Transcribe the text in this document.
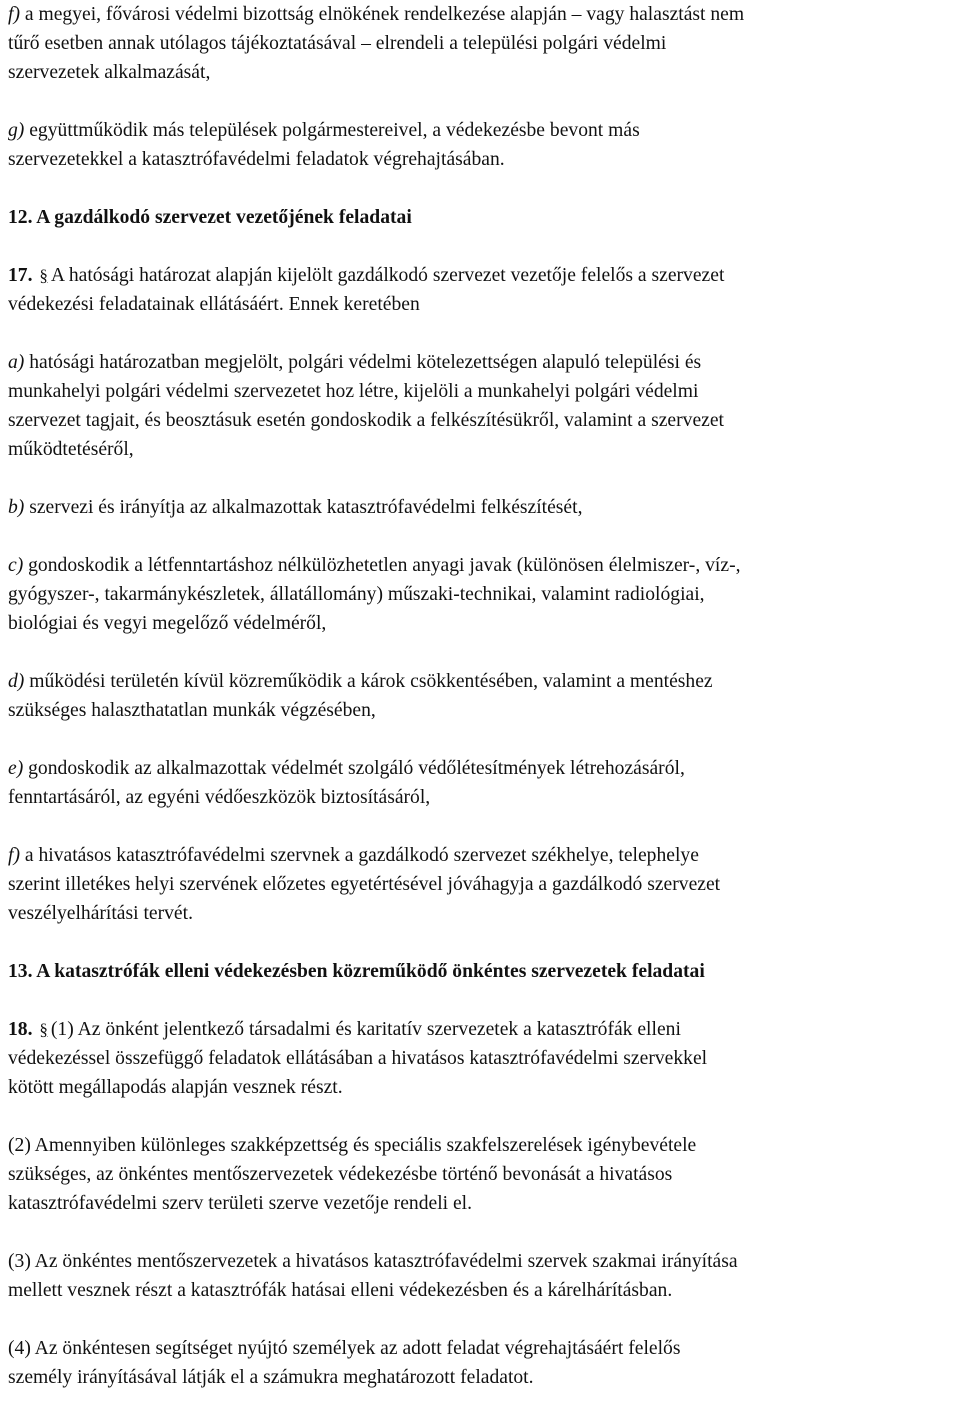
f) a megyei, fővárosi védelmi bizottság elnökének rendelkezése alapján – vagy halasztást nem
tűrő esetben annak utólagos tájékoztatásával – elrendeli a települési polgári védelmi
szervezetek alkalmazását,

g) együttműködik más települések polgármestereivel, a védekezésbe bevont más
szervezetekkel a katasztrófavédelmi feladatok végrehajtásában.

12. A gazdálkodó szervezet vezetőjének feladatai

17. § A hatósági határozat alapján kijelölt gazdálkodó szervezet vezetője felelős a szervezet
védekezési feladatainak ellátásáért. Ennek keretében

a) hatósági határozatban megjelölt, polgári védelmi kötelezettségen alapuló települési és
munkahelyi polgári védelmi szervezetet hoz létre, kijelöli a munkahelyi polgári védelmi
szervezet tagjait, és beosztásuk esetén gondoskodik a felkészítésükről, valamint a szervezet
működtetéséről,

b) szervezi és irányítja az alkalmazottak katasztrófavédelmi felkészítését,

c) gondoskodik a létfenntartáshoz nélkülözhetetlen anyagi javak (különösen élelmiszer-, víz-,
gyógyszer-, takarmánykészletek, állatállomány) műszaki-technikai, valamint radiológiai,
biológiai és vegyi megelőző védelméről,

d) működési területén kívül közreműködik a károk csökkentésében, valamint a mentéshez
szükséges halaszthatatlan munkák végzésében,

e) gondoskodik az alkalmazottak védelmét szolgáló védőlétesítmények létrehozásáról,
fenntartásáról, az egyéni védőeszközök biztosításáról,

f) a hivatásos katasztrófavédelmi szervnek a gazdálkodó szervezet székhelye, telephelye
szerint illetékes helyi szervének előzetes egyetértésével jóváhagyja a gazdálkodó szervezet
veszélyelhárítási tervét.

13. A katasztrófák elleni védekezésben közreműködő önkéntes szervezetek feladatai

18. § (1) Az önként jelentkező társadalmi és karitatív szervezetek a katasztrófák elleni
védekezéssel összefüggő feladatok ellátásában a hivatásos katasztrófavédelmi szervekkel
kötött megállapodás alapján vesznek részt.

(2) Amennyiben különleges szakképzettség és speciális szakfelszerelések igénybevétele
szükséges, az önkéntes mentőszervezetek védekezésbe történő bevonását a hivatásos
katasztrófavédelmi szerv területi szerve vezetője rendeli el.

(3) Az önkéntes mentőszervezetek a hivatásos katasztrófavédelmi szervek szakmai irányítása
mellett vesznek részt a katasztrófák hatásai elleni védekezésben és a kárelhárításban.

(4) Az önkéntesen segítséget nyújtó személyek az adott feladat végrehajtásáért felelős
személy irányításával látják el a számukra meghatározott feladatot.
